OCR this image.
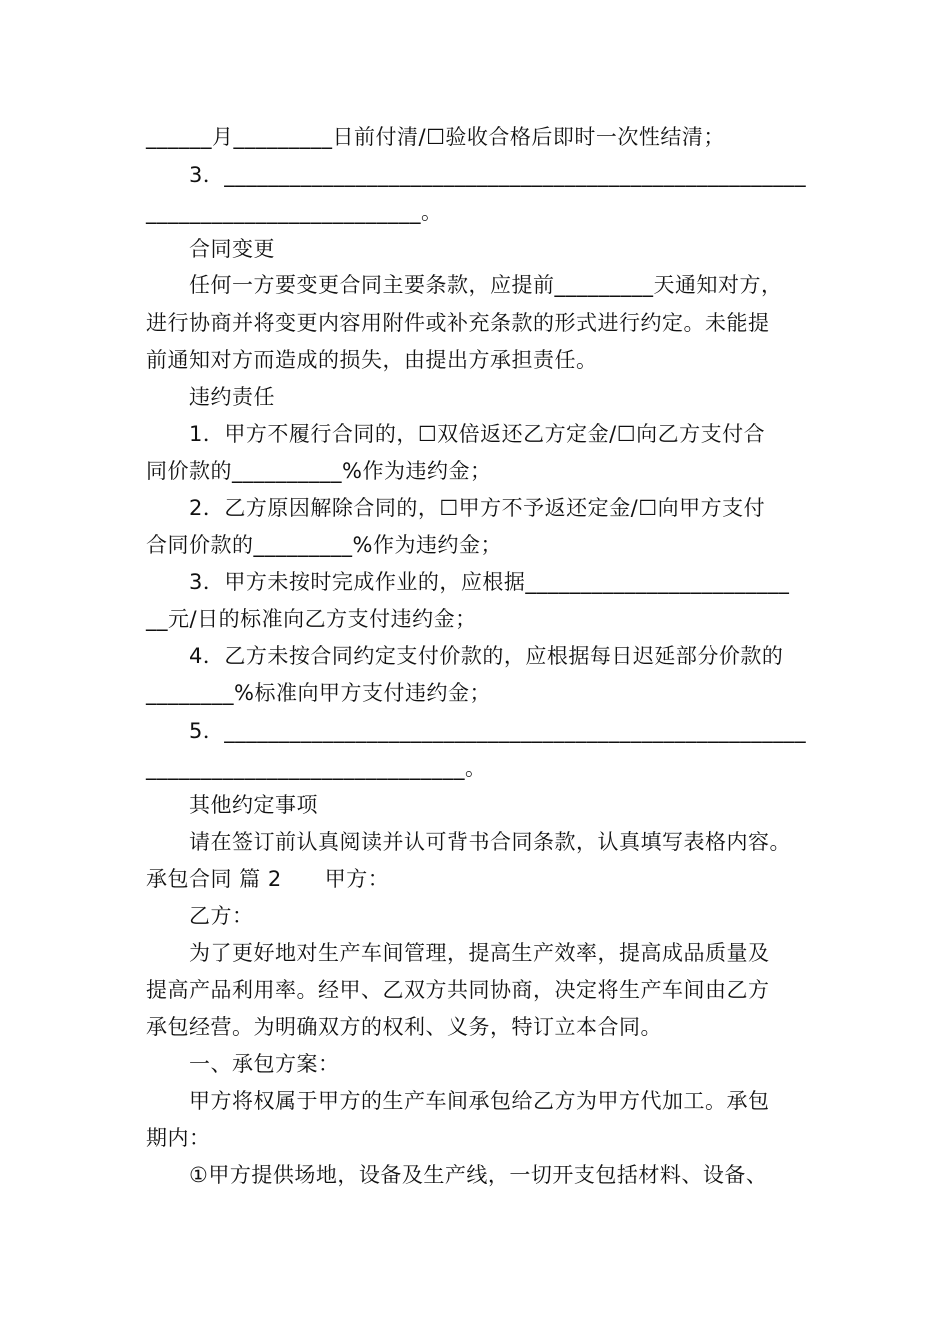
______月_________日前付清/☐验收合格后即时一次性结清；
3．_____________________________________________________
_________________________。
合同变更
任何一方要变更合同主要条款，应提前_________天通知对方，
进行协商并将变更内容用附件或补充条款的形式进行约定。未能提
前通知对方而造成的损失，由提出方承担责任。
违约责任
1．甲方不履行合同的，☐双倍返还乙方定金/☐向乙方支付合
同价款的__________%作为违约金；
2．乙方原因解除合同的，☐甲方不予返还定金/☐向甲方支付
合同价款的_________%作为违约金；
3．甲方未按时完成作业的，应根据________________________
__元/日的标准向乙方支付违约金；
4．乙方未按合同约定支付价款的，应根据每日迟延部分价款的
________%标准向甲方支付违约金；
5．_____________________________________________________
_____________________________。
其他约定事项
请在签订前认真阅读并认可背书合同条款，认真填写表格内容。
承包合同 篇 2　　甲方：
乙方：
为了更好地对生产车间管理，提高生产效率，提高成品质量及
提高产品利用率。经甲、乙双方共同协商，决定将生产车间由乙方
承包经营。为明确双方的权利、义务，特订立本合同。
一、承包方案：
甲方将权属于甲方的生产车间承包给乙方为甲方代加工。承包
期内：
①甲方提供场地，设备及生产线，一切开支包括材料、设备、
